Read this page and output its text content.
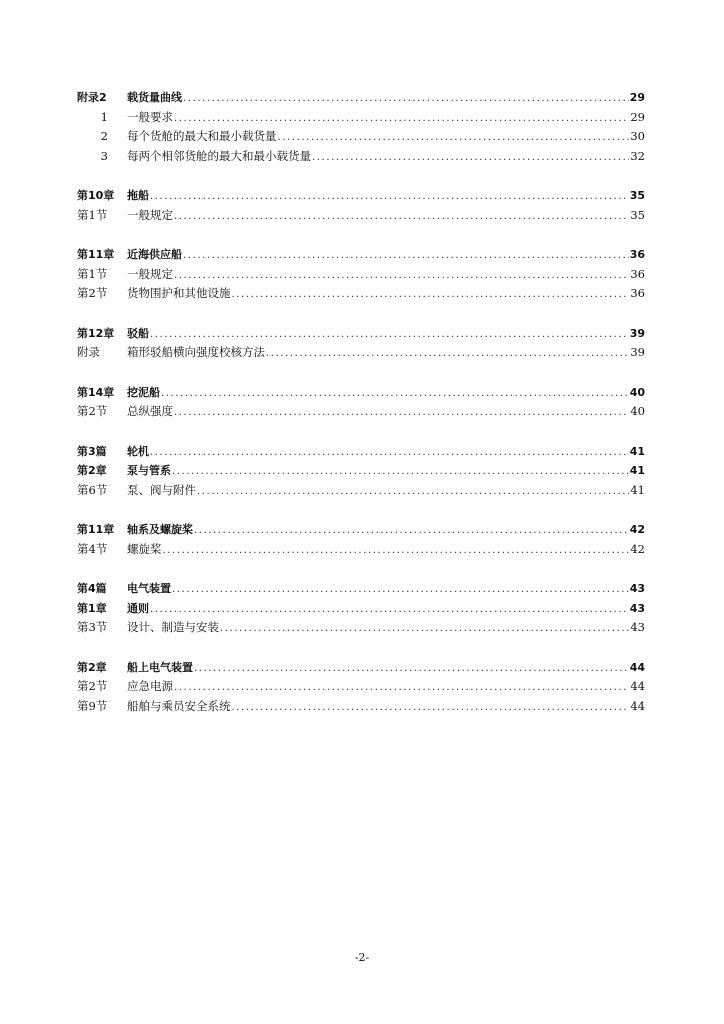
附录2	载货量曲线 .....	29
1 一般要求 .....	29
2 每个货舱的最大和最小载货量 .....	30
3 每两个相邻货舱的最大和最小载货量 .....	32
第10章	拖船 .....	35
第1节	一般规定 .....	35
第11章	近海供应船 .....	36
第1节	一般规定 .....	36
第2节	货物围护和其他设施 .....	36
第12章	驳船 .....	39
附录	箱形驳船横向强度校核方法 .....	39
第14章	挖泥船 .....	40
第2节	总纵强度 .....	40
第3篇	轮机 .....	41
第2章	泵与管系 .....	41
第6节	泵、阀与附件 .....	41
第11章	轴系及螺旋桨 .....	42
第4节	螺旋桨 .....	42
第4篇	电气装置 .....	43
第1章	通则 .....	43
第3节	设计、制造与安装 .....	43
第2章	船上电气装置 .....	44
第2节	应急电源 .....	44
第9节	船舶与乘员安全系统 .....	44
-2-
